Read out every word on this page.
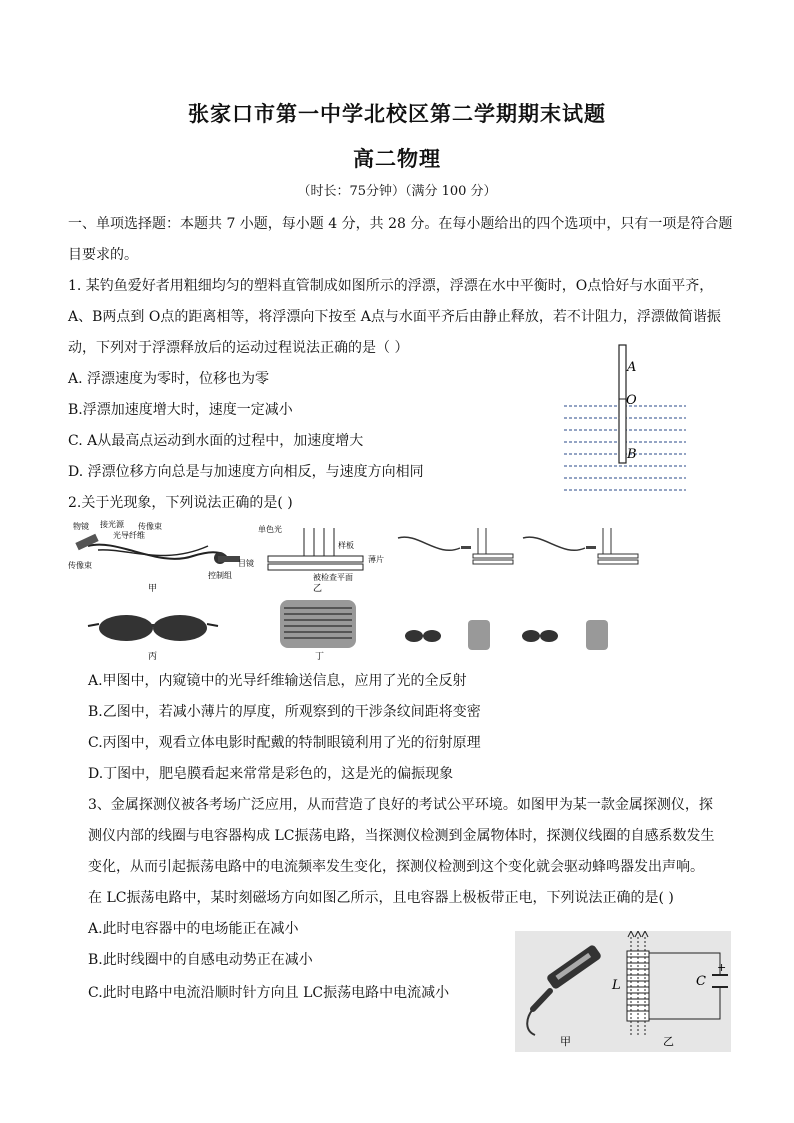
张家口市第一中学北校区第二学期期末试题
高二物理
（时长：75分钟）（满分 100 分）
一、单项选择题：本题共 7 小题，每小题 4 分，共 28 分。在每小题给出的四个选项中，只有一项是符合题
目要求的。
1. 某钓鱼爱好者用粗细均匀的塑料直管制成如图所示的浮漂，浮漂在水中平衡时，O点恰好与水面平齐，
A、B两点到 O点的距离相等，将浮漂向下按至 A点与水面平齐后由静止释放，若不计阻力，浮漂做简谐振
动，下列对于浮漂释放后的运动过程说法正确的是（ ）
A. 浮漂速度为零时，位移也为零
B.浮漂加速度增大时，速度一定减小
C. A从最高点运动到水面的过程中，加速度增大
D. 浮漂位移方向总是与加速度方向相反，与速度方向相同
A
O
B
2.关于光现象，下列说法正确的是( )
物镜 接光源 传像束
光导纤维
传像束	目镜
控制组
甲
单色光
样板
薄片
被检查平面
乙
丙	丁
A.甲图中，内窥镜中的光导纤维输送信息，应用了光的全反射
B.乙图中，若减小薄片的厚度，所观察到的干涉条纹间距将变密
C.丙图中，观看立体电影时配戴的特制眼镜利用了光的衍射原理
D.丁图中，肥皂膜看起来常常是彩色的，这是光的偏振现象
3、金属探测仪被各考场广泛应用，从而营造了良好的考试公平环境。如图甲为某一款金属探测仪，探
测仪内部的线圈与电容器构成 LC振荡电路，当探测仪检测到金属物体时，探测仪线圈的自感系数发生
变化，从而引起振荡电路中的电流频率发生变化，探测仪检测到这个变化就会驱动蜂鸣器发出声响。
在 LC振荡电路中，某时刻磁场方向如图乙所示，且电容器上极板带正电，下列说法正确的是( )
A.此时电容器中的电场能正在减小
B.此时线圈中的自感电动势正在减小
C.此时电路中电流沿顺时针方向且 LC振荡电路中电流减小
甲
L	C
+
乙
